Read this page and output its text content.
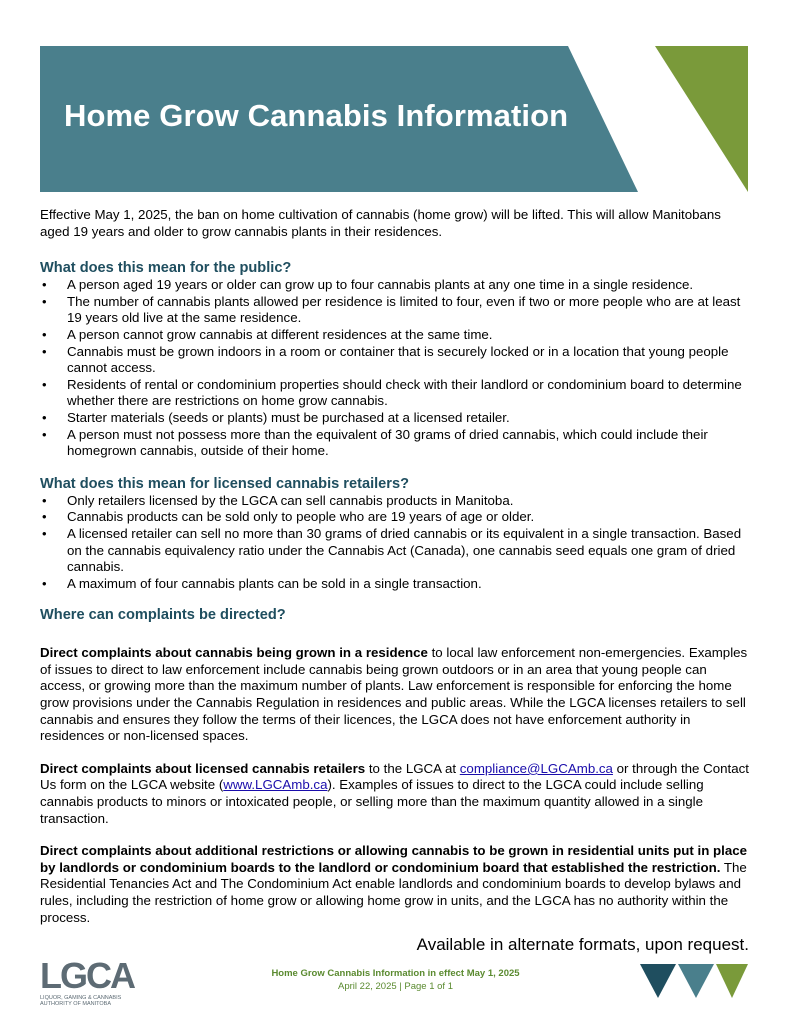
Home Grow Cannabis Information

Effective May 1, 2025, the ban on home cultivation of cannabis (home grow) will be lifted. This will allow Manitobans aged 19 years and older to grow cannabis plants in their residences.

What does this mean for the public?
• A person aged 19 years or older can grow up to four cannabis plants at any one time in a single residence.
• The number of cannabis plants allowed per residence is limited to four, even if two or more people who are at least 19 years old live at the same residence.
• A person cannot grow cannabis at different residences at the same time.
• Cannabis must be grown indoors in a room or container that is securely locked or in a location that young people cannot access.
• Residents of rental or condominium properties should check with their landlord or condominium board to determine whether there are restrictions on home grow cannabis.
• Starter materials (seeds or plants) must be purchased at a licensed retailer.
• A person must not possess more than the equivalent of 30 grams of dried cannabis, which could include their homegrown cannabis, outside of their home.
What does this mean for licensed cannabis retailers?
• Only retailers licensed by the LGCA can sell cannabis products in Manitoba.
• Cannabis products can be sold only to people who are 19 years of age or older.
• A licensed retailer can sell no more than 30 grams of dried cannabis or its equivalent in a single transaction. Based on the cannabis equivalency ratio under the Cannabis Act (Canada), one cannabis seed equals one gram of dried cannabis.
• A maximum of four cannabis plants can be sold in a single transaction.
Where can complaints be directed?

Direct complaints about cannabis being grown in a residence to local law enforcement non-emergencies. Examples of issues to direct to law enforcement include cannabis being grown outdoors or in an area that young people can access, or growing more than the maximum number of plants. Law enforcement is responsible for enforcing the home grow provisions under the Cannabis Regulation in residences and public areas. While the LGCA licenses retailers to sell cannabis and ensures they follow the terms of their licences, the LGCA does not have enforcement authority in residences or non-licensed spaces.

Direct complaints about licensed cannabis retailers to the LGCA at compliance@LGCAmb.ca or through the Contact Us form on the LGCA website (www.LGCAmb.ca). Examples of issues to direct to the LGCA could include selling cannabis products to minors or intoxicated people, or selling more than the maximum quantity allowed in a single transaction.

Direct complaints about additional restrictions or allowing cannabis to be grown in residential units put in place by landlords or condominium boards to the landlord or condominium board that established the restriction. The Residential Tenancies Act and The Condominium Act enable landlords and condominium boards to develop bylaws and rules, including the restriction of home grow or allowing home grow in units, and the LGCA has no authority within the process.

Available in alternate formats, upon request.
LGCA
LIQUOR, GAMING & CANNABIS AUTHORITY OF MANITOBA
Home Grow Cannabis Information in effect May 1, 2025
April 22, 2025 | Page 1 of 1
